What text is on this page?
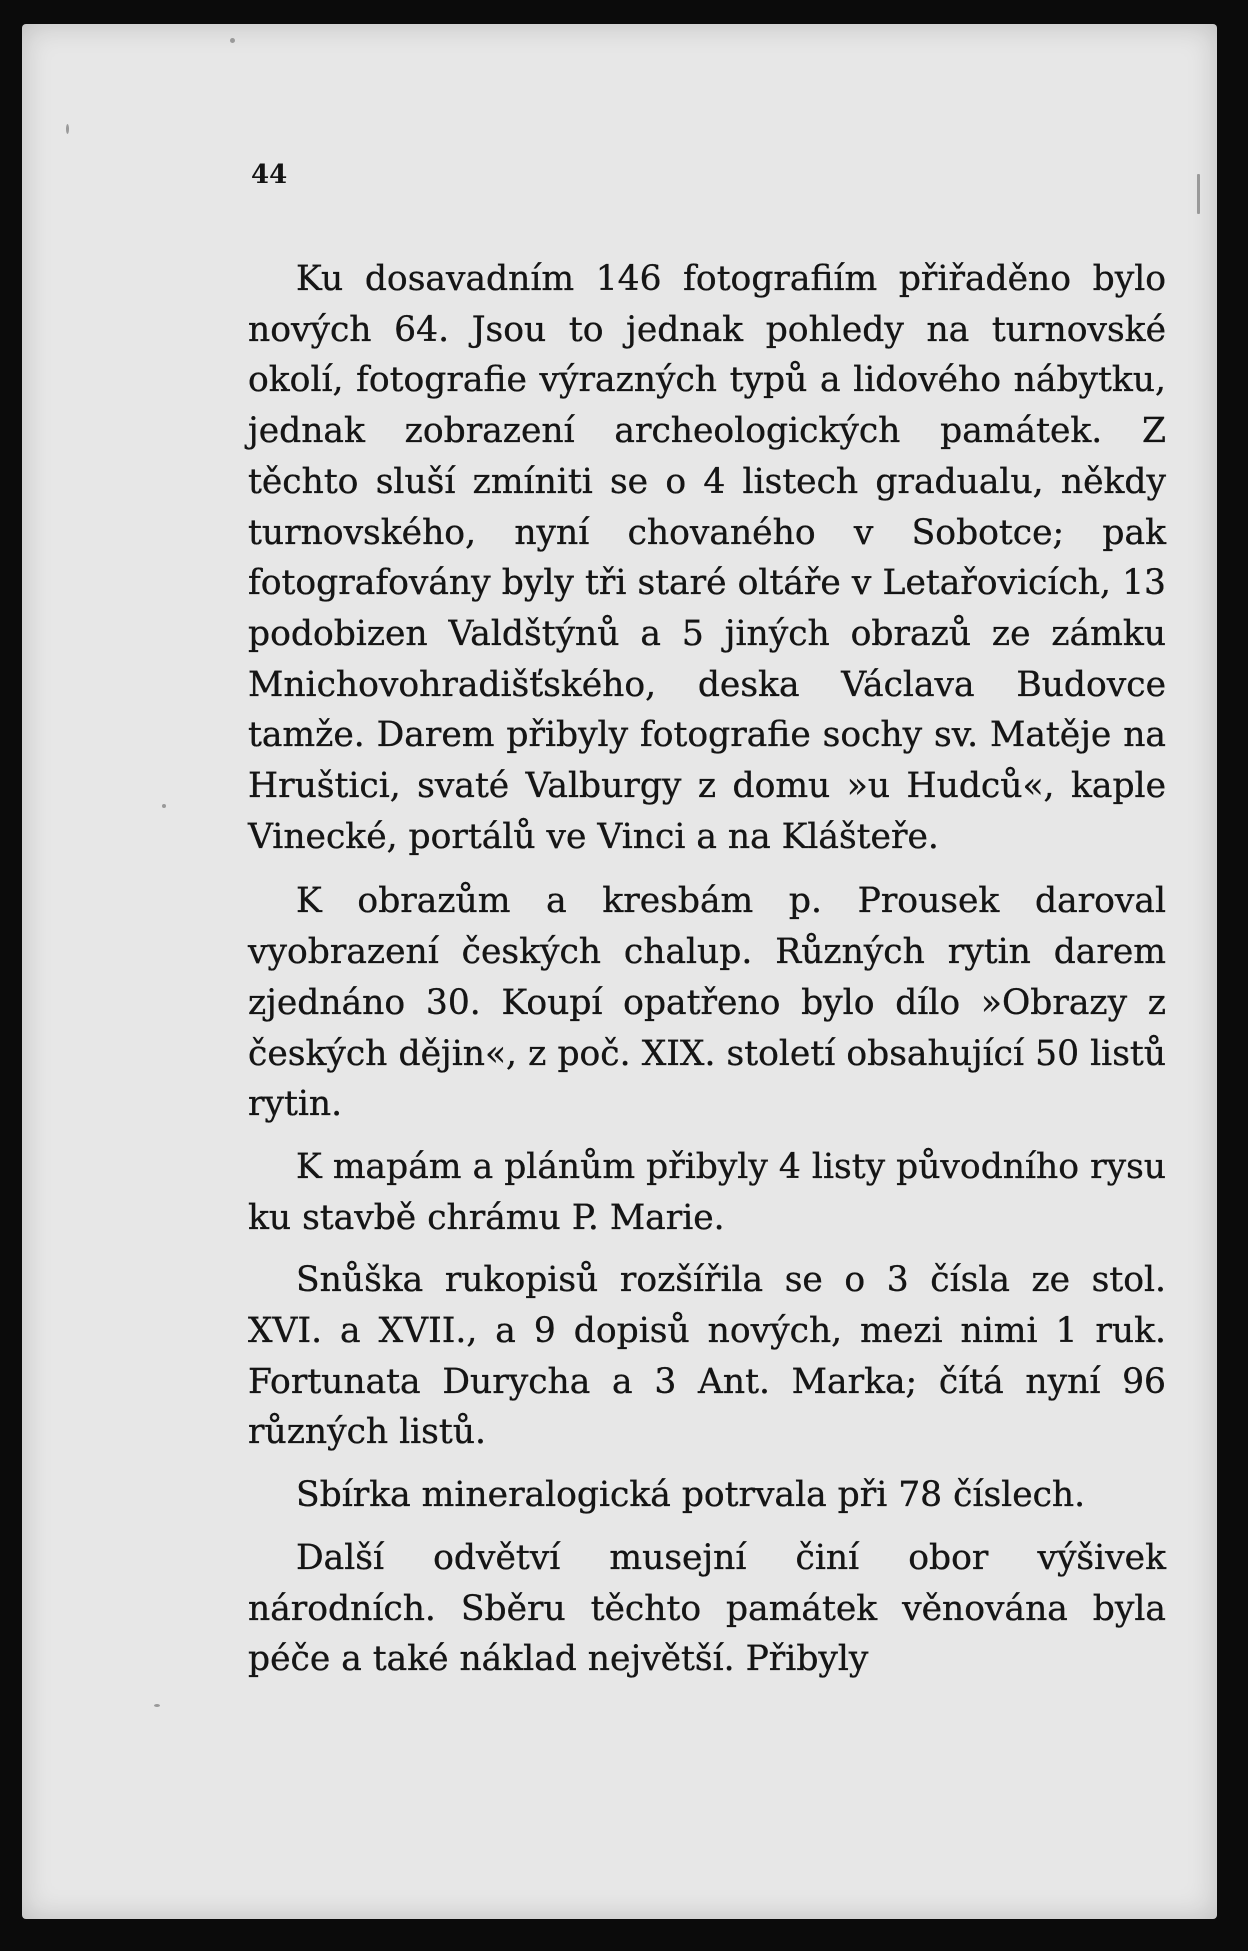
44

Ku dosavadním 146 fotografiím přiřaděno bylo nových 64. Jsou to jednak pohledy na turnovské okolí, fotografie výrazných typů a lidového nábytku, jednak zobrazení archeologických památek. Z těchto sluší zmíniti se o 4 listech gradualu, někdy turnovského, nyní chovaného v Sobotce; pak fotografovány byly tři staré oltáře v Letařovicích, 13 podobizen Valdštýnů a 5 jiných obrazů ze zámku Mnichovohradišťského, deska Václava Budovce tamže. Darem přibyly fotografie sochy sv. Matěje na Hruštici, svaté Valburgy z domu »u Hudců«, kaple Vinecké, portálů ve Vinci a na Klášteře.

K obrazům a kresbám p. Prousek daroval vyobrazení českých chalup. Různých rytin darem zjednáno 30. Koupí opatřeno bylo dílo »Obrazy z českých dějin«, z poč. XIX. století obsahující 50 listů rytin.

K mapám a plánům přibyly 4 listy původního rysu ku stavbě chrámu P. Marie.

Snůška rukopisů rozšířila se o 3 čísla ze stol. XVI. a XVII., a 9 dopisů nových, mezi nimi 1 ruk. Fortunata Durycha a 3 Ant. Marka; čítá nyní 96 různých listů.

Sbírka mineralogická potrvala při 78 číslech.

Další odvětví musejní činí obor výšivek národních. Sběru těchto památek věnována byla péče a také náklad největší. Přibyly
